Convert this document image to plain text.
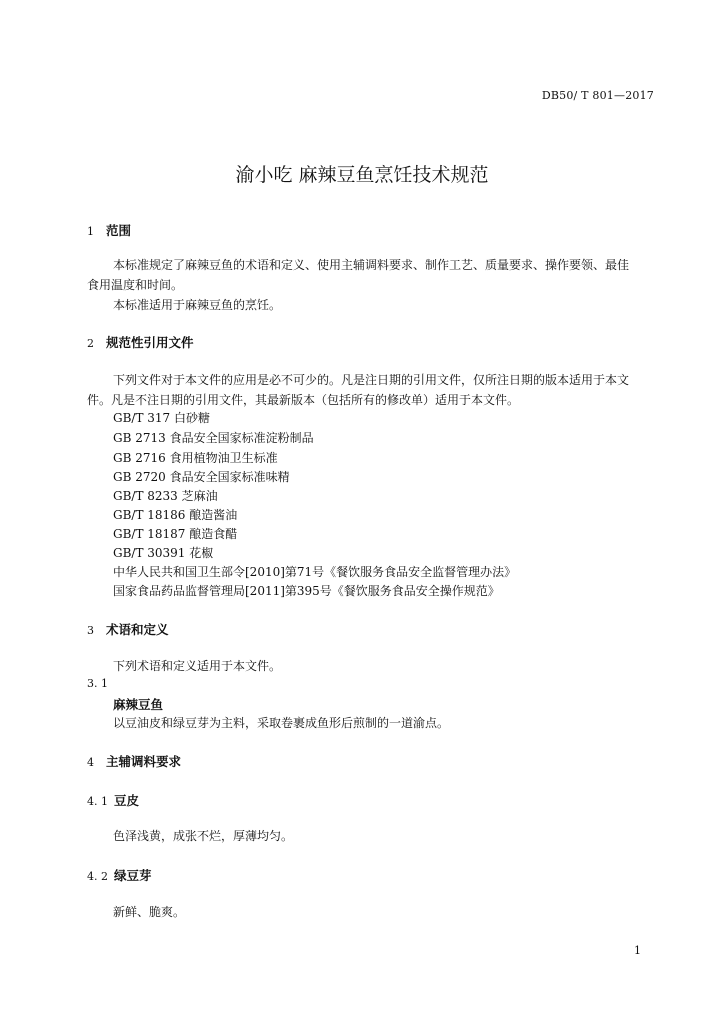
DB50/ T 801—2017
渝小吃 麻辣豆鱼烹饪技术规范
1 范围
本标准规定了麻辣豆鱼的术语和定义、使用主辅调料要求、制作工艺、质量要求、操作要领、最佳
食用温度和时间。
本标准适用于麻辣豆鱼的烹饪。
2 规范性引用文件
下列文件对于本文件的应用是必不可少的。凡是注日期的引用文件，仅所注日期的版本适用于本文
件。凡是不注日期的引用文件，其最新版本（包括所有的修改单）适用于本文件。
GB/T 317 白砂糖
GB 2713 食品安全国家标准淀粉制品
GB 2716 食用植物油卫生标准
GB 2720 食品安全国家标准味精
GB/T 8233 芝麻油
GB/T 18186 酿造酱油
GB/T 18187 酿造食醋
GB/T 30391 花椒
中华人民共和国卫生部令[2010]第71号《餐饮服务食品安全监督管理办法》
国家食品药品监督管理局[2011]第395号《餐饮服务食品安全操作规范》
3 术语和定义
下列术语和定义适用于本文件。
3. 1
麻辣豆鱼
以豆油皮和绿豆芽为主料，采取卷裹成鱼形后煎制的一道渝点。
4 主辅调料要求
4. 1 豆皮
色泽浅黄，成张不烂，厚薄均匀。
4. 2 绿豆芽
新鲜、脆爽。
1
